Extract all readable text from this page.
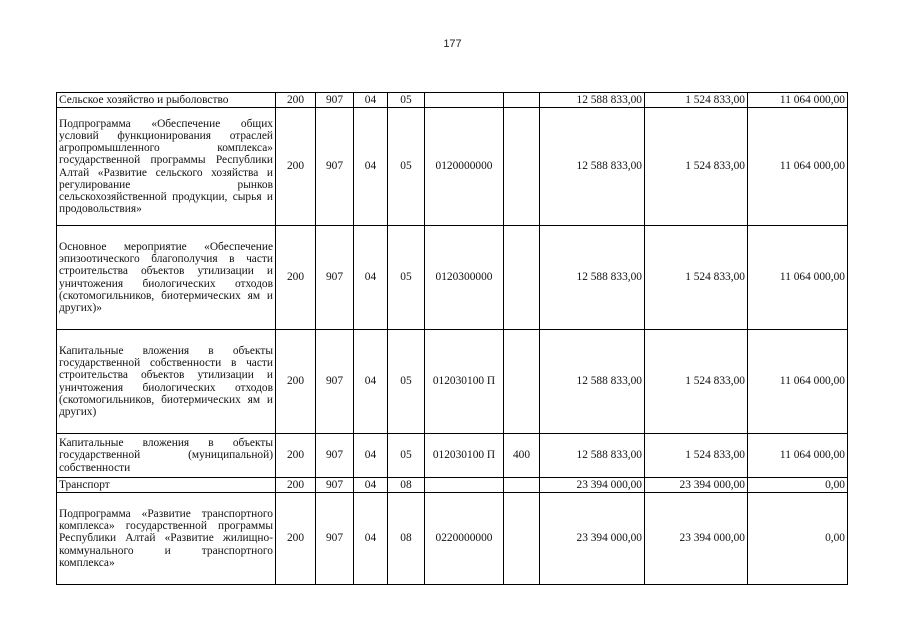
177
Сельское хозяйство и рыболовство	200	907	04	05			12 588 833,00	1 524 833,00	11 064 000,00
Подпрограмма «Обеспечение общих условий функционирования отраслей агропромышленного комплекса» государственной программы Республики Алтай «Развитие сельского хозяйства и регулирование рынков сельскохозяйственной продукции, сырья и продовольствия»	200	907	04	05	0120000000		12 588 833,00	1 524 833,00	11 064 000,00
Основное мероприятие «Обеспечение эпизоотического благополучия в части строительства объектов утилизации и уничтожения биологических отходов (скотомогильников, биотермических ям и других)»	200	907	04	05	0120300000		12 588 833,00	1 524 833,00	11 064 000,00
Капитальные вложения в объекты государственной собственности в части строительства объектов утилизации и уничтожения биологических отходов (скотомогильников, биотермических ям и других)	200	907	04	05	012030100 П		12 588 833,00	1 524 833,00	11 064 000,00
Капитальные вложения в объекты государственной (муниципальной) собственности	200	907	04	05	012030100 П	400	12 588 833,00	1 524 833,00	11 064 000,00
Транспорт	200	907	04	08			23 394 000,00	23 394 000,00	0,00
Подпрограмма «Развитие транспортного комплекса» государственной программы Республики Алтай «Развитие жилищно-коммунального и транспортного комплекса»	200	907	04	08	0220000000		23 394 000,00	23 394 000,00	0,00
